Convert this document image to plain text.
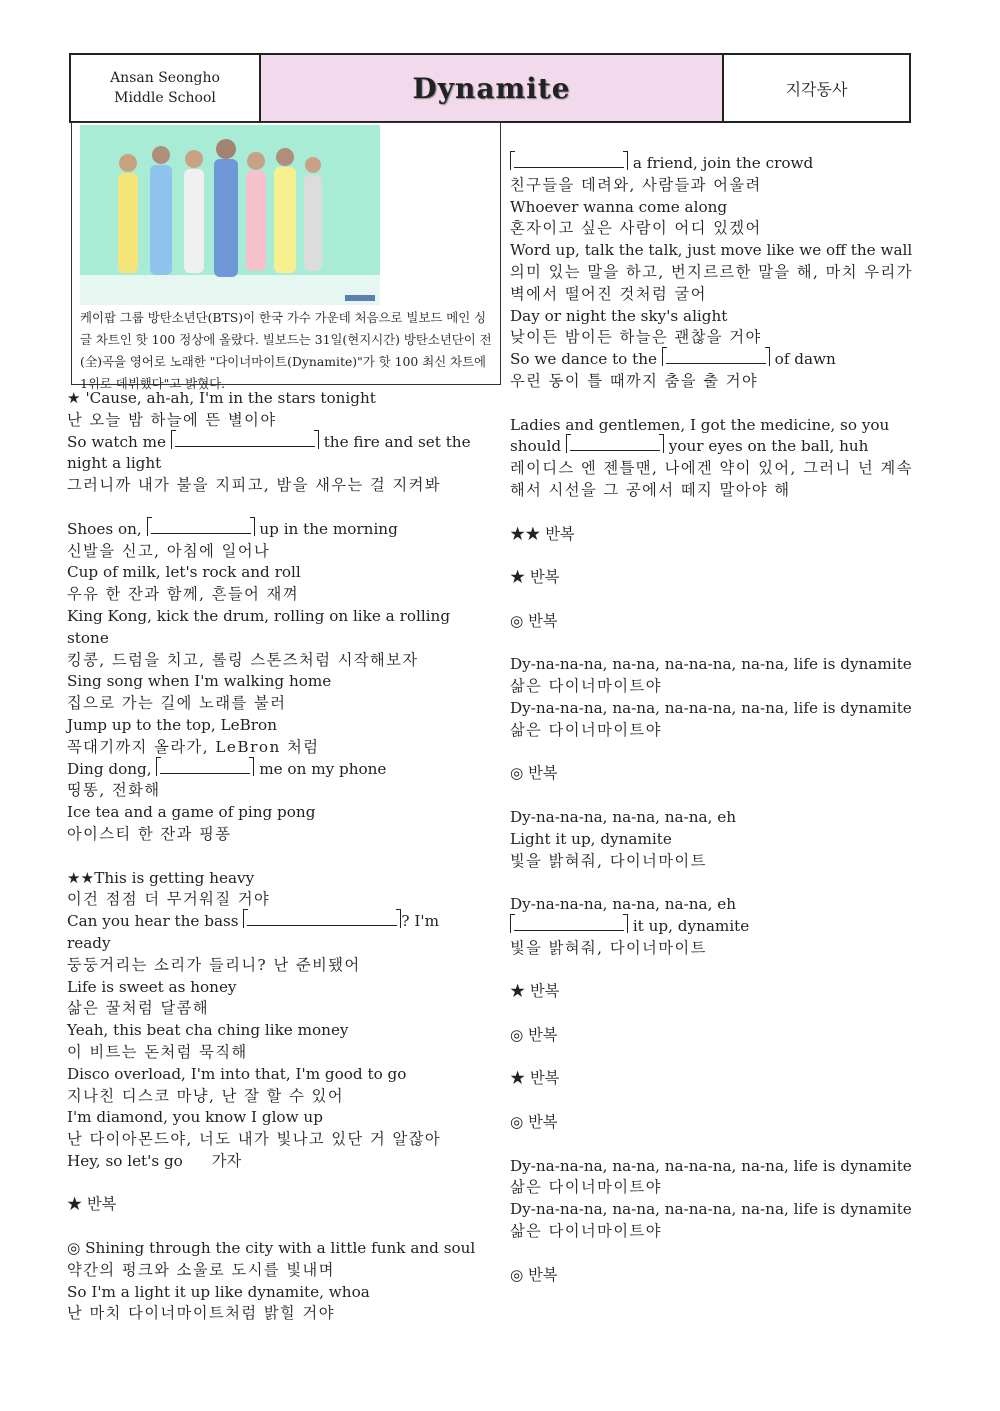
Ansan Seongho
Middle School	Dynamite	지각동사
케이팝 그룹 방탄소년단(BTS)이 한국 가수 가운데 처음으로 빌보드 메인 싱글 차트인 핫 100 정상에 올랐다. 빌보드는 31일(현지시간) 방탄소년단이 전(全)곡을 영어로 노래한 "다이너마이트(Dynamite)"가 핫 100 최신 차트에 1위로 데뷔했다"고 밝혔다.
★ 'Cause, ah-ah, I'm in the stars tonight
난 오늘 밤 하늘에 뜬 별이야
So watch me	the fire and set the night a light
그러니까 내가 불을 지피고, 밤을 새우는 걸 지켜봐
Shoes on,	up in the morning
신발을 신고, 아침에 일어나
Cup of milk, let's rock and roll
우유 한 잔과 함께, 흔들어 재껴
King Kong, kick the drum, rolling on like a rolling stone
킹콩, 드럼을 치고, 롤링 스톤즈처럼 시작해보자
Sing song when I'm walking home
집으로 가는 길에 노래를 불러
Jump up to the top, LeBron
꼭대기까지 올라가, LeBron 처럼
Ding dong,	me on my phone
띵똥, 전화해
Ice tea and a game of ping pong
아이스티 한 잔과 핑퐁
★★This is getting heavy
이건 점점 더 무거워질 거야
Can you hear the bass	? I'm ready
둥둥거리는 소리가 들리니? 난 준비됐어
Life is sweet as honey
삶은 꿀처럼 달콤해
Yeah, this beat cha ching like money
이 비트는 돈처럼 묵직해
Disco overload, I'm into that, I'm good to go
지나친 디스코 마냥, 난 잘 할 수 있어
I'm diamond, you know I glow up
난 다이아몬드야, 너도 내가 빛나고 있단 거 알잖아
Hey, so let's go      가자
★ 반복
◎ Shining through the city with a little funk and soul
약간의 펑크와 소울로 도시를 빛내며
So I'm a light it up like dynamite, whoa
난 마치 다이너마이트처럼 밝힐 거야
a friend, join the crowd
친구들을 데려와, 사람들과 어울려
Whoever wanna come along
혼자이고 싶은 사람이 어디 있겠어
Word up, talk the talk, just move like we off the wall
의미 있는 말을 하고, 번지르르한 말을 해, 마치 우리가 벽에서 떨어진 것처럼 굴어
Day or night the sky's alight
낮이든 밤이든 하늘은 괜찮을 거야
So we dance to the	of dawn
우린 동이 틀 때까지 춤을 출 거야
Ladies and gentlemen, I got the medicine, so you should	your eyes on the ball, huh
레이디스 엔 젠틀맨, 나에겐 약이 있어, 그러니 넌 계속해서 시선을 그 공에서 떼지 말아야 해
★★ 반복
★ 반복
◎ 반복
Dy-na-na-na, na-na, na-na-na, na-na, life is dynamite
삶은 다이너마이트야
Dy-na-na-na, na-na, na-na-na, na-na, life is dynamite
삶은 다이너마이트야
◎ 반복
Dy-na-na-na, na-na, na-na, eh
Light it up, dynamite
빛을 밝혀줘, 다이너마이트
Dy-na-na-na, na-na, na-na, eh
it up, dynamite
빛을 밝혀줘, 다이너마이트
★ 반복
◎ 반복
★ 반복
◎ 반복
Dy-na-na-na, na-na, na-na-na, na-na, life is dynamite
삶은 다이너마이트야
Dy-na-na-na, na-na, na-na-na, na-na, life is dynamite
삶은 다이너마이트야
◎ 반복
